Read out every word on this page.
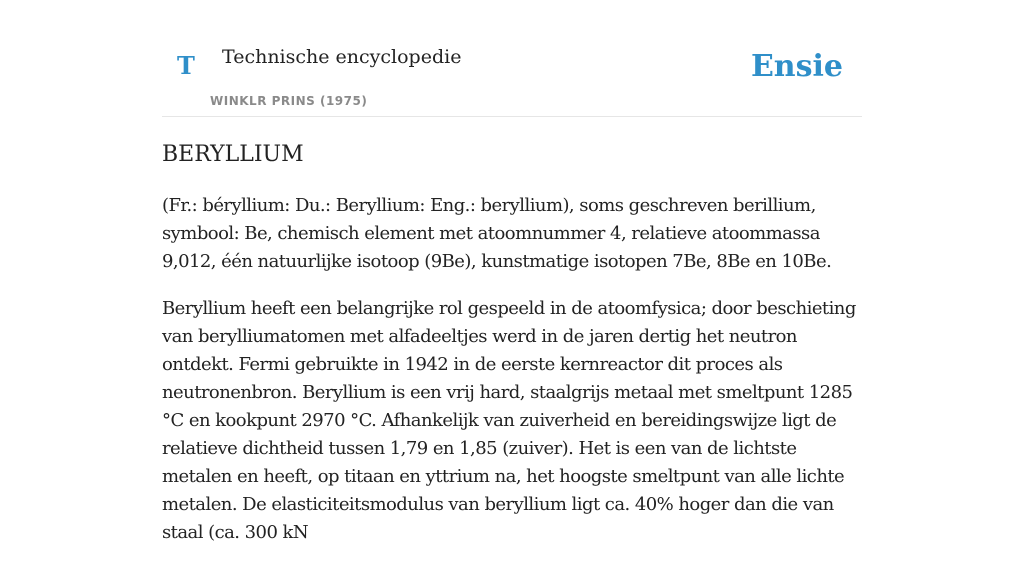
T Technische encyclopedie
WINKLR PRINS (1975)
Ensie
BERYLLIUM

(Fr.: béryllium: Du.: Beryllium: Eng.: beryllium), soms geschreven berillium, symbool: Be, chemisch element met atoomnummer 4, relatieve atoommassa 9,012, één natuurlijke isotoop (9Be), kunstmatige isotopen 7Be, 8Be en 10Be.

Beryllium heeft een belangrijke rol gespeeld in de atoomfysica; door beschieting van berylliumatomen met alfadeeltjes werd in de jaren dertig het neutron ontdekt. Fermi gebruikte in 1942 in de eerste kernreactor dit proces als neutronenbron. Beryllium is een vrij hard, staalgrijs metaal met smeltpunt 1285 °C en kookpunt 2970 °C. Afhankelijk van zuiverheid en bereidingswijze ligt de relatieve dichtheid tussen 1,79 en 1,85 (zuiver). Het is een van de lichtste metalen en heeft, op titaan en yttrium na, het hoogste smeltpunt van alle lichte metalen. De elasticiteitsmodulus van beryllium ligt ca. 40% hoger dan die van staal (ca. 300 kN
